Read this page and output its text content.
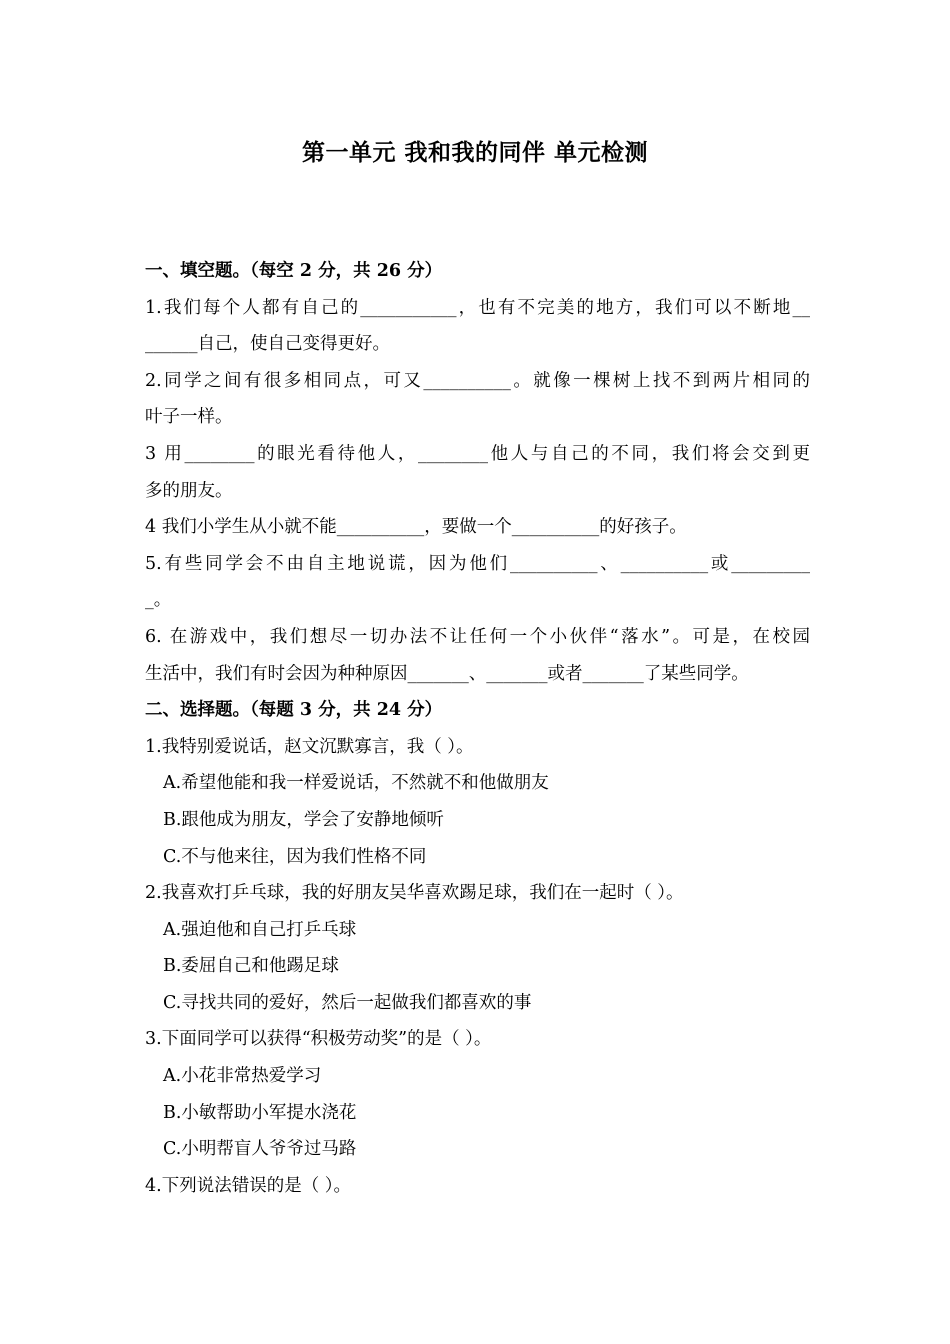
第一单元 我和我的同伴 单元检测
一、填空题。（每空 2 分，共 26 分）
1.我们每个人都有自己的___________，也有不完美的地方，我们可以不断地__
______自己，使自己变得更好。
2.同学之间有很多相同点，可又__________。就像一棵树上找不到两片相同的
叶子一样。
3 用________的眼光看待他人，________他人与自己的不同，我们将会交到更
多的朋友。
4 我们小学生从小就不能__________，要做一个__________的好孩子。
5.有些同学会不由自主地说谎，因为他们__________、__________或_________
_。
6. 在游戏中，我们想尽一切办法不让任何一个小伙伴“落水”。可是，在校园
生活中，我们有时会因为种种原因_______、_______或者_______了某些同学。
二、选择题。（每题 3 分，共 24 分）
1.我特别爱说话，赵文沉默寡言，我（ ）。
A.希望他能和我一样爱说话，不然就不和他做朋友
B.跟他成为朋友，学会了安静地倾听
C.不与他来往，因为我们性格不同
2.我喜欢打乒乓球，我的好朋友吴华喜欢踢足球，我们在一起时（ ）。
A.强迫他和自己打乒乓球
B.委屈自己和他踢足球
C.寻找共同的爱好，然后一起做我们都喜欢的事
3.下面同学可以获得“积极劳动奖”的是（ ）。
A.小花非常热爱学习
B.小敏帮助小军提水浇花
C.小明帮盲人爷爷过马路
4.下列说法错误的是（ ）。
